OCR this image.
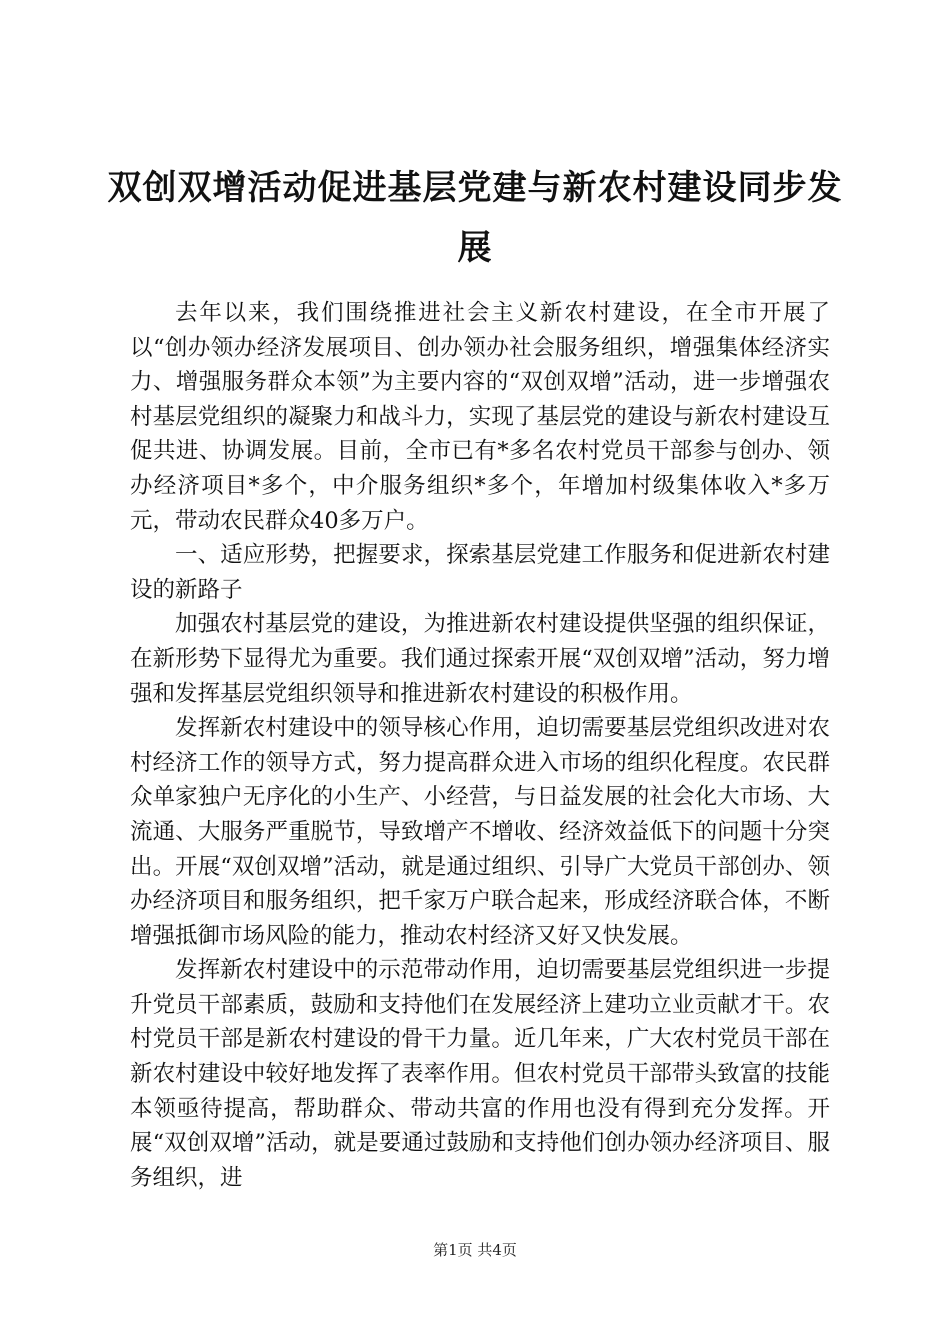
双创双增活动促进基层党建与新农村建设同步发展

去年以来，我们围绕推进社会主义新农村建设，在全市开展了以“创办领办经济发展项目、创办领办社会服务组织，增强集体经济实力、增强服务群众本领”为主要内容的“双创双增”活动，进一步增强农村基层党组织的凝聚力和战斗力，实现了基层党的建设与新农村建设互促共进、协调发展。目前，全市已有*多名农村党员干部参与创办、领办经济项目*多个，中介服务组织*多个，年增加村级集体收入*多万元，带动农民群众40多万户。

一、适应形势，把握要求，探索基层党建工作服务和促进新农村建设的新路子

加强农村基层党的建设，为推进新农村建设提供坚强的组织保证，在新形势下显得尤为重要。我们通过探索开展“双创双增”活动，努力增强和发挥基层党组织领导和推进新农村建设的积极作用。

发挥新农村建设中的领导核心作用，迫切需要基层党组织改进对农村经济工作的领导方式，努力提高群众进入市场的组织化程度。农民群众单家独户无序化的小生产、小经营，与日益发展的社会化大市场、大流通、大服务严重脱节，导致增产不增收、经济效益低下的问题十分突出。开展“双创双增”活动，就是通过组织、引导广大党员干部创办、领办经济项目和服务组织，把千家万户联合起来，形成经济联合体，不断增强抵御市场风险的能力，推动农村经济又好又快发展。

发挥新农村建设中的示范带动作用，迫切需要基层党组织进一步提升党员干部素质，鼓励和支持他们在发展经济上建功立业贡献才干。农村党员干部是新农村建设的骨干力量。近几年来，广大农村党员干部在新农村建设中较好地发挥了表率作用。但农村党员干部带头致富的技能本领亟待提高，帮助群众、带动共富的作用也没有得到充分发挥。开展“双创双增”活动，就是要通过鼓励和支持他们创办领办经济项目、服务组织，进

第1页 共4页
